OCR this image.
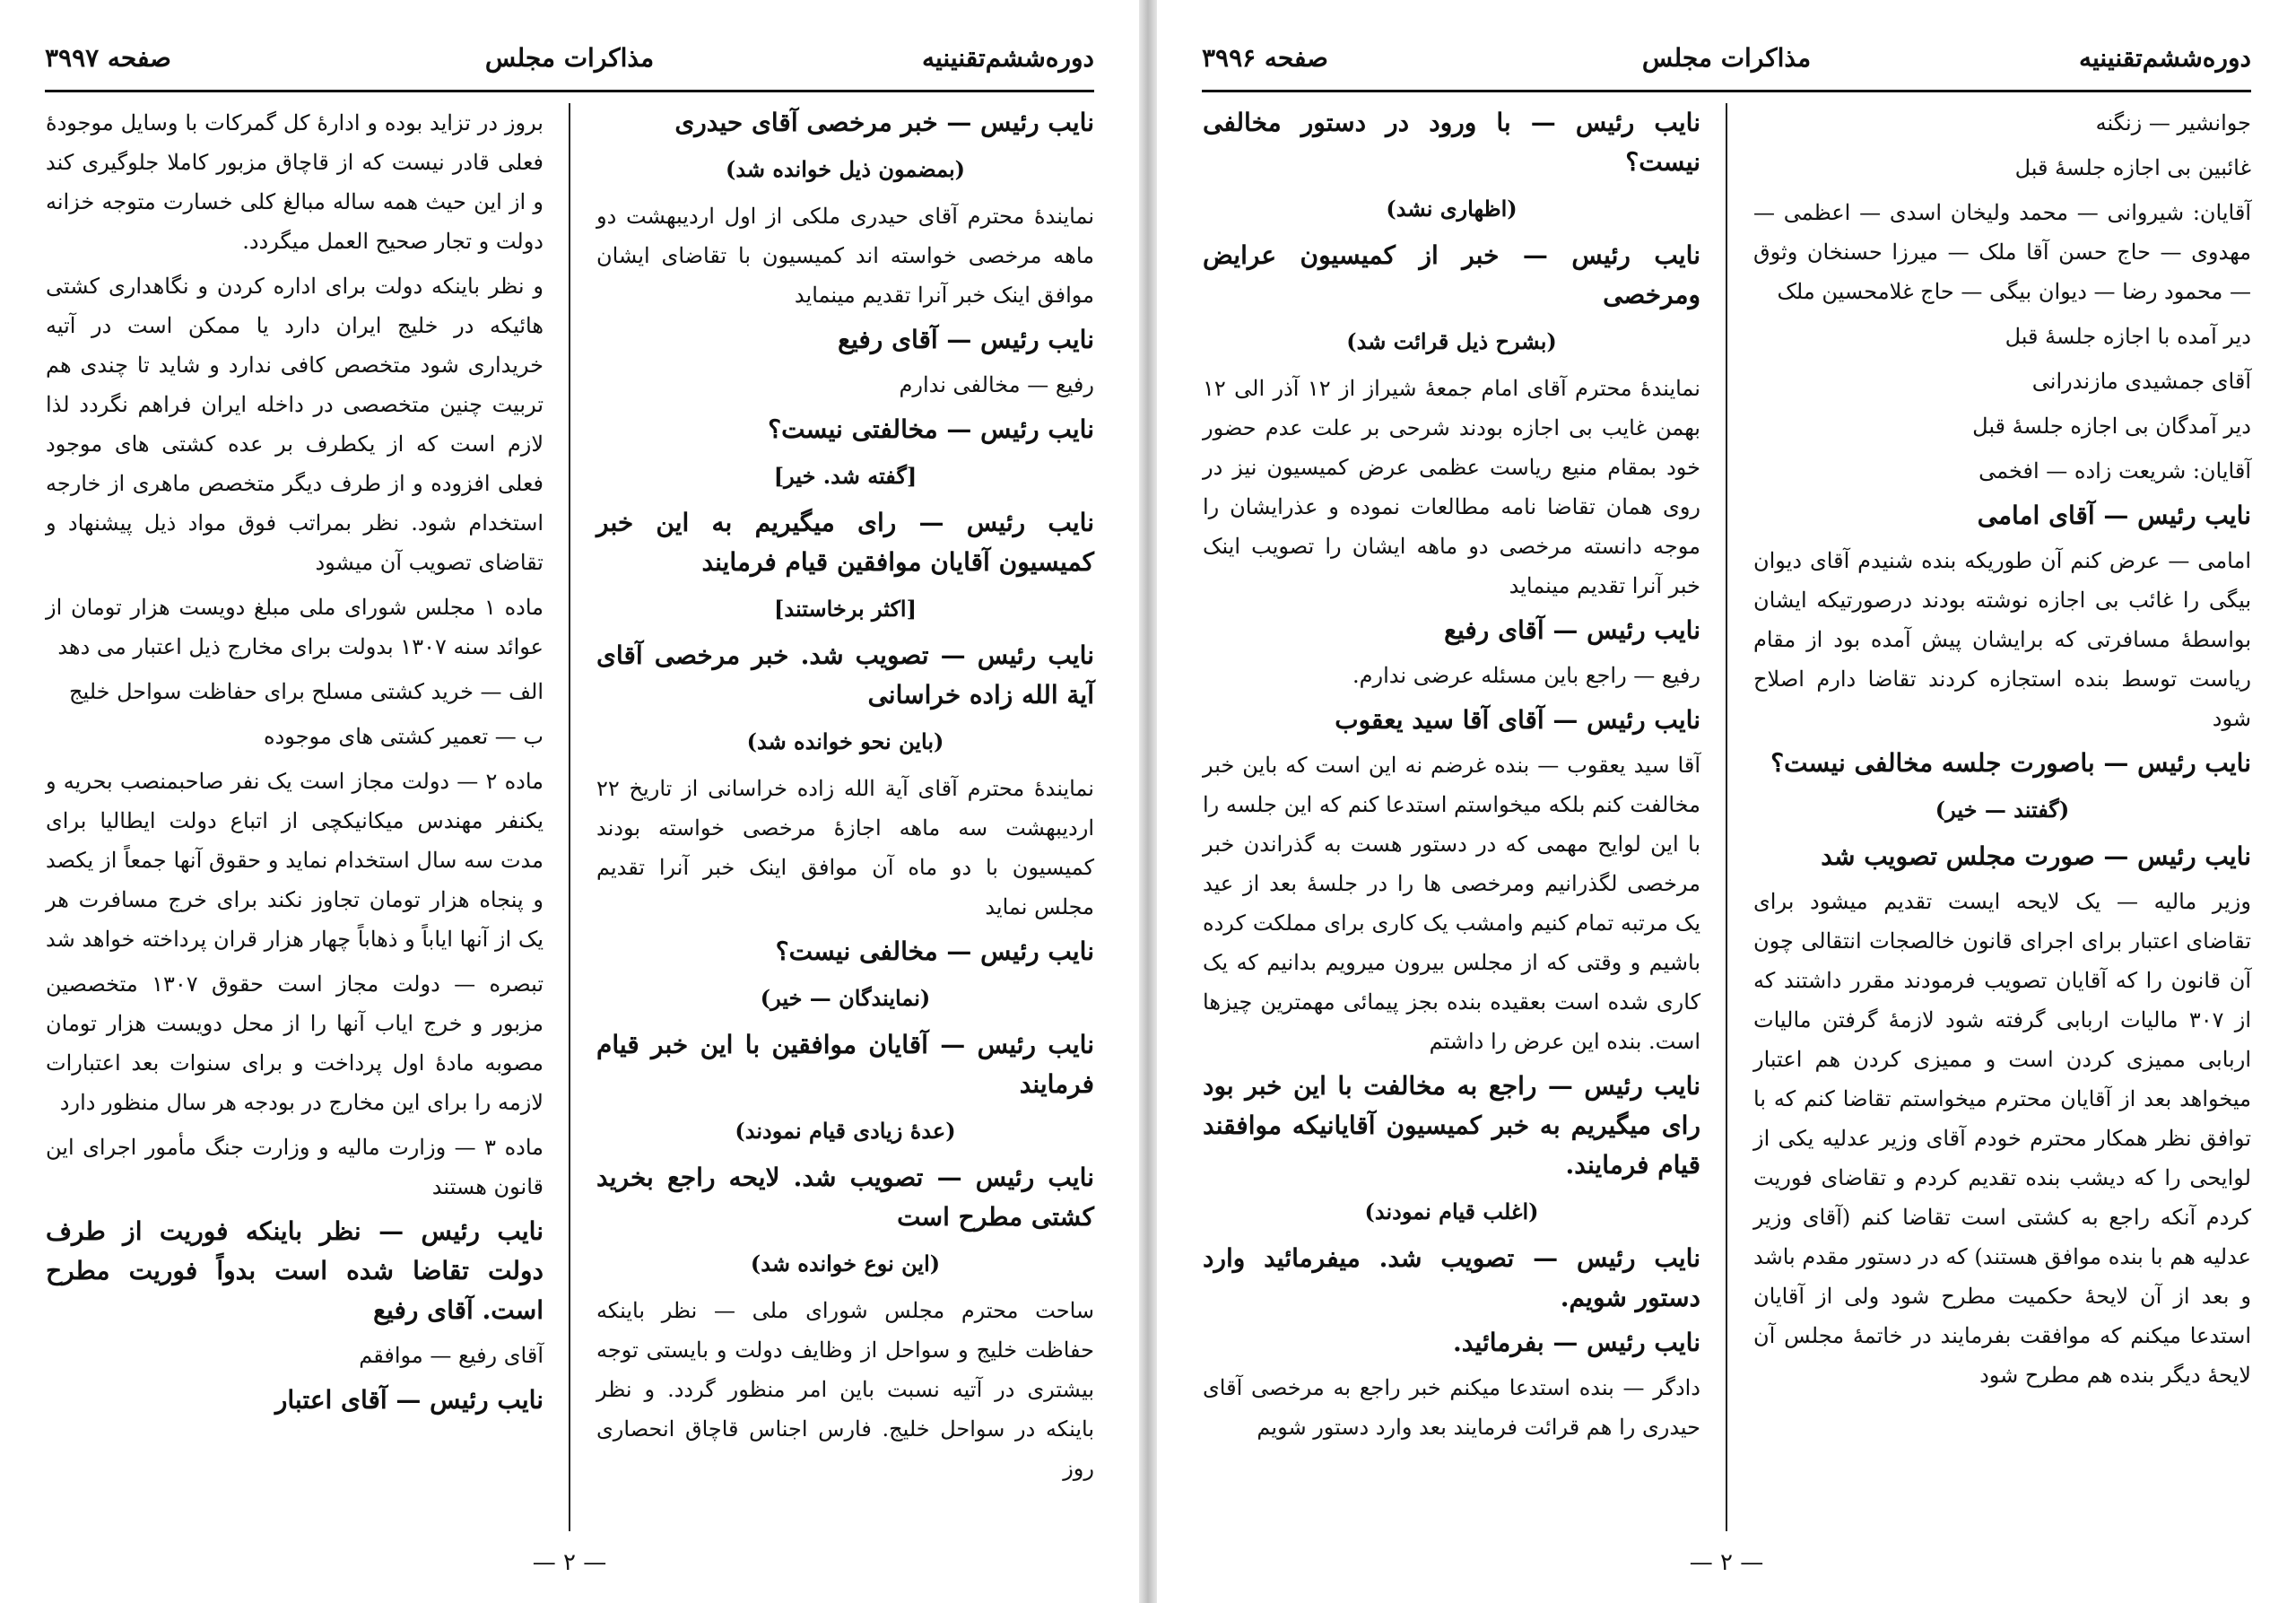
دوره‌ششم‌تقنینیه
مذاکرات مجلس
صفحه ۳۹۹۷

نایب رئیس — خبر مرخصی آقای حیدری

(بمضمون ذیل خوانده شد)

نمایندهٔ محترم آقای حیدری ملکی از اول اردیبهشت دو ماهه مرخصی خواسته اند کمیسیون با تقاضای ایشان موافق اینک خبر آنرا تقدیم مینماید

نایب رئیس — آقای رفیع

رفیع — مخالفی ندارم

نایب رئیس — مخالفتی نیست؟

[گفته شد. خیر]

نایب رئیس — رای میگیریم به این خبر کمیسیون آقایان موافقین قیام فرمایند

[اکثر برخاستند]

نایب رئیس — تصویب شد. خبر مرخصی آقای آیة الله زاده خراسانی

(باین نحو خوانده شد)

نمایندهٔ محترم آقای آیة الله زاده خراسانی از تاریخ ۲۲ اردیبهشت سه ماهه اجازهٔ مرخصی خواسته بودند کمیسیون با دو ماه آن موافق اینک خبر آنرا تقدیم مجلس نماید

نایب رئیس — مخالفی نیست؟

(نمایندگان — خیر)

نایب رئیس — آقایان موافقین با این خبر قیام فرمایند

(عدهٔ زیادی قیام نمودند)

نایب رئیس — تصویب شد. لایحه راجع بخرید کشتی مطرح است

(این نوع خوانده شد)

ساحت محترم مجلس شورای ملی — نظر باینکه حفاظت خلیج و سواحل از وظایف دولت و بایستی توجه بیشتری در آتیه نسبت باین امر منظور گردد. و نظر باینکه در سواحل خلیج. فارس اجناس قاچاق انحصاری روز

بروز در تزاید بوده و ادارهٔ کل گمرکات با وسایل موجودهٔ فعلی قادر نیست که از قاچاق مزبور کاملا جلوگیری کند و از این حیث همه ساله مبالغ کلی خسارت متوجه خزانه دولت و تجار صحیح العمل میگردد.

و نظر باینکه دولت برای اداره کردن و نگاهداری کشتی هائیکه در خلیج ایران دارد یا ممکن است در آتیه خریداری شود متخصص کافی ندارد و شاید تا چندی هم تربیت چنین متخصصی در داخله ایران فراهم نگردد لذا لازم است که از یکطرف بر عده کشتی های موجود فعلی افزوده و از طرف دیگر متخصص ماهری از خارجه استخدام شود. نظر بمراتب فوق مواد ذیل پیشنهاد و تقاضای تصویب آن میشود

ماده ۱ مجلس شورای ملی مبلغ دویست هزار تومان از عوائد سنه ۱۳۰۷ بدولت برای مخارج ذیل اعتبار می دهد

الف — خرید کشتی مسلح برای حفاظت سواحل خلیج

ب — تعمیر کشتی های موجوده

ماده ۲ — دولت مجاز است یک نفر صاحبمنصب بحریه و یکنفر مهندس میکانیکچی از اتباع دولت ایطالیا برای مدت سه سال استخدام نماید و حقوق آنها جمعاً از یکصد و پنجاه هزار تومان تجاوز نکند برای خرج مسافرت هر یک از آنها ایاباً و ذهاباً چهار هزار قران پرداخته خواهد شد

تبصره — دولت مجاز است حقوق ۱۳۰۷ متخصصین مزبور و خرج ایاب آنها را از محل دویست هزار تومان مصوبه مادهٔ اول پرداخت و برای سنوات بعد اعتبارات لازمه را برای این مخارج در بودجه هر سال منظور دارد

ماده ۳ — وزارت مالیه و وزارت جنگ مأمور اجرای این قانون هستند

نایب رئیس — نظر باینکه فوریت از طرف دولت تقاضا شده است بدواً فوریت مطرح است. آقای رفیع

آقای رفیع — موافقم

نایب رئیس — آقای اعتبار

— ۲ —
دوره‌ششم‌تقنینیه
مذاکرات مجلس
صفحه ۳۹۹۶

جوانشیر — زنگنه

غائبین بی اجازه جلسهٔ قبل

آقایان: شیروانی — محمد ولیخان اسدی — اعظمی — مهدوی — حاج حسن آقا ملک — میرزا حسنخان وثوق — محمود رضا — دیوان بیگی — حاج غلامحسین ملک

دیر آمده با اجازه جلسهٔ قبل

آقای جمشیدی مازندرانی

دیر آمدگان بی اجازه جلسهٔ قبل

آقایان: شریعت زاده — افخمی

نایب رئیس — آقای امامی

امامی — عرض کنم آن طوریکه بنده شنیدم آقای دیوان بیگی را غائب بی اجازه نوشته بودند درصورتیکه ایشان بواسطهٔ مسافرتی که برایشان پیش آمده بود از مقام ریاست توسط بنده استجازه کردند تقاضا دارم اصلاح شود

نایب رئیس — باصورت جلسه مخالفی نیست؟

(گفتند — خیر)

نایب رئیس — صورت مجلس تصویب شد

وزیر مالیه — یک لایحه ایست تقدیم میشود برای تقاضای اعتبار برای اجرای قانون خالصجات انتقالی چون آن قانون را که آقایان تصویب فرمودند مقرر داشتند که از ۳۰۷ مالیات اربابی گرفته شود لازمهٔ گرفتن مالیات اربابی ممیزی کردن است و ممیزی کردن هم اعتبار میخواهد بعد از آقایان محترم میخواستم تقاضا کنم که با توافق نظر همکار محترم خودم آقای وزیر عدلیه یکی از لوایحی را که دیشب بنده تقدیم کردم و تقاضای فوریت کردم آنکه راجع به کشتی است تقاضا کنم (آقای وزیر عدلیه هم با بنده موافق هستند) که در دستور مقدم باشد و بعد از آن لایحهٔ حکمیت مطرح شود ولی از آقایان استدعا میکنم که موافقت بفرمایند در خاتمهٔ مجلس آن لایحهٔ دیگر بنده هم مطرح شود

نایب رئیس — با ورود در دستور مخالفی نیست؟

(اظهاری نشد)

نایب رئیس — خبر از کمیسیون عرایض ومرخصی

(بشرح ذیل قرائت شد)

نمایندهٔ محترم آقای امام جمعهٔ شیراز از ۱۲ آذر الی ۱۲ بهمن غایب بی اجازه بودند شرحی بر علت عدم حضور خود بمقام منیع ریاست عظمی عرض کمیسیون نیز در روی همان تقاضا نامه مطالعات نموده و عذرایشان را موجه دانسته مرخصی دو ماهه ایشان را تصویب اینک خبر آنرا تقدیم مینماید

نایب رئیس — آقای رفیع

رفیع — راجع باین مسئله عرضی ندارم.

نایب رئیس — آقای آقا سید یعقوب

آقا سید یعقوب — بنده غرضم نه این است که باین خبر مخالفت کنم بلکه میخواستم استدعا کنم که این جلسه را با این لوایح مهمی که در دستور هست به گذراندن خبر مرخصی لگذرانیم ومرخصی ها را در جلسهٔ بعد از عید یک مرتبه تمام کنیم وامشب یک کاری برای مملکت کرده باشیم و وقتی که از مجلس بیرون میرویم بدانیم که یک کاری شده است بعقیده بنده بجز پیمائی مهمترین چیزها است. بنده این عرض را داشتم

نایب رئیس — راجع به مخالفت با این خبر بود رای میگیریم به خبر کمیسیون آقایانیکه موافقند قیام فرمایند.

(اغلب قیام نمودند)

نایب رئیس — تصویب شد. میفرمائید وارد دستور شویم.

نایب رئیس — بفرمائید.

دادگر — بنده استدعا میکنم خبر راجع به مرخصی آقای حیدری را هم قرائت فرمایند بعد وارد دستور شویم

— ۲ —
